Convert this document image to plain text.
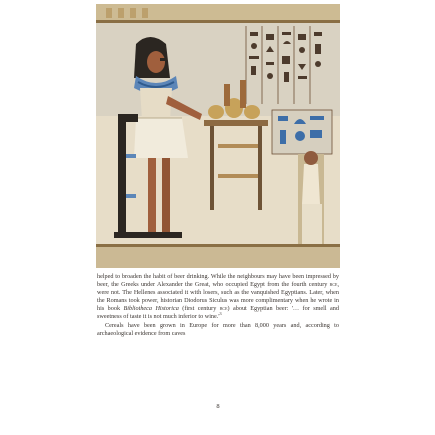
helped to broaden the habit of beer drinking. While the neighbours may have been impressed by beer, the Greeks under Alexander the Great, who occupied Egypt from the fourth century bce, were not. The Hellenes associated it with losers, such as the vanquished Egyptians. Later, when the Romans took power, historian Diodorus Siculus was more complimentary when he wrote in his book Bibliotheca Historica (first century bce) about Egyptian beer: '… for smell and sweetness of taste it is not much inferior to $wine.'^3$

Cereals have been grown in Europe for more than 8,000 years and, according to archaeological evidence from caves

8
